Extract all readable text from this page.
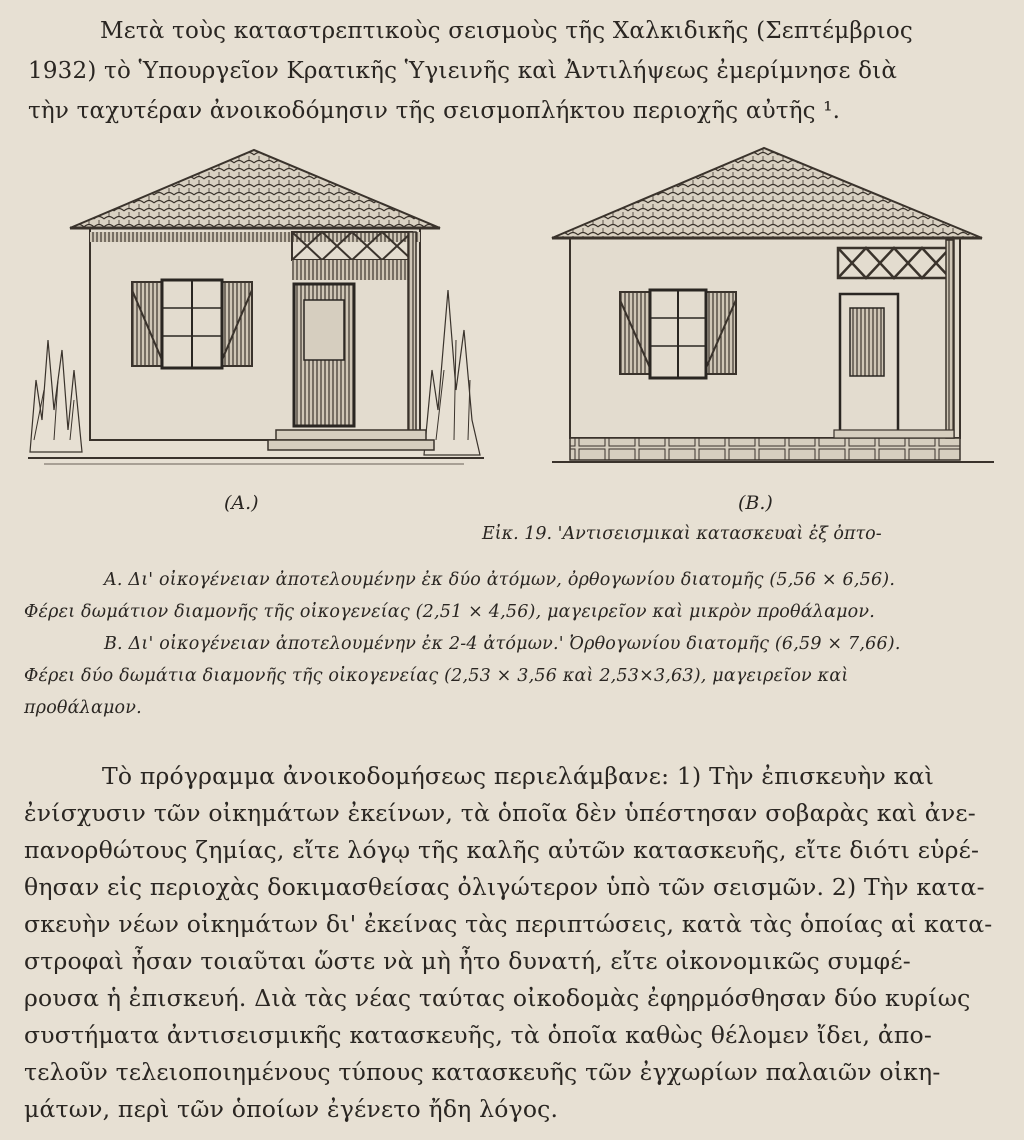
Μετὰ τοὺς καταστρεπτικοὺς σεισμοὺς τῆς Χαλκιδικῆς (Σεπτέμβριος
1932) τὸ Ὑπουργεῖον Κρατικῆς Ὑγιεινῆς καὶ Ἀντιλήψεως ἐμερίμνησε διὰ
τὴν ταχυτέραν ἀνοικοδόμησιν τῆς σεισμοπλήκτου περιοχῆς αὐτῆς ¹.
(A.)	(B.)
Εἰκ. 19. 'Αντισεισμικαὶ κατασκευαὶ ἐξ ὀπτο-
A. Δι' οἰκογένειαν ἀποτελουμένην ἐκ δύο ἀτόμων, ὀρθογωνίου διατομῆς (5,56 × 6,56).
Φέρει δωμάτιον διαμονῆς τῆς οἰκογενείας (2,51 × 4,56), μαγειρεῖον καὶ μικρὸν προθάλαμον.
B. Δι' οἰκογένειαν ἀποτελουμένην ἐκ 2-4 ἀτόμων.' Ὀρθογωνίου διατομῆς (6,59 × 7,66).
Φέρει δύο δωμάτια διαμονῆς τῆς οἰκογενείας (2,53 × 3,56 καὶ 2,53×3,63), μαγειρεῖον καὶ
προθάλαμον.
Τὸ πρόγραμμα ἀνοικοδομήσεως περιελάμβανε: 1) Τὴν ἐπισκευὴν καὶ
ἐνίσχυσιν τῶν οἰκημάτων ἐκείνων, τὰ ὁποῖα δὲν ὑπέστησαν σοβαρὰς καὶ ἀνε-
πανορθώτους ζημίας, εἴτε λόγῳ τῆς καλῆς αὐτῶν κατασκευῆς, εἴτε διότι εὑρέ-
θησαν εἰς περιοχὰς δοκιμασθείσας ὀλιγώτερον ὑπὸ τῶν σεισμῶν. 2) Τὴν κατα-
σκευὴν νέων οἰκημάτων δι' ἐκείνας τὰς περιπτώσεις, κατὰ τὰς ὁποίας αἱ κατα-
στροφαὶ ἦσαν τοιαῦται ὥστε νὰ μὴ ἦτο δυνατή, εἴτε οἰκονομικῶς συμφέ-
ρουσα ἡ ἐπισκευή. Διὰ τὰς νέας ταύτας οἰκοδομὰς ἐφηρμόσθησαν δύο κυρίως
συστήματα ἀντισεισμικῆς κατασκευῆς, τὰ ὁποῖα καθὼς θέλομεν ἴδει, ἀπο-
τελοῦν τελειοποιημένους τύπους κατασκευῆς τῶν ἐγχωρίων παλαιῶν οἰκη-
μάτων, περὶ τῶν ὁποίων ἐγένετο ἤδη λόγος.
